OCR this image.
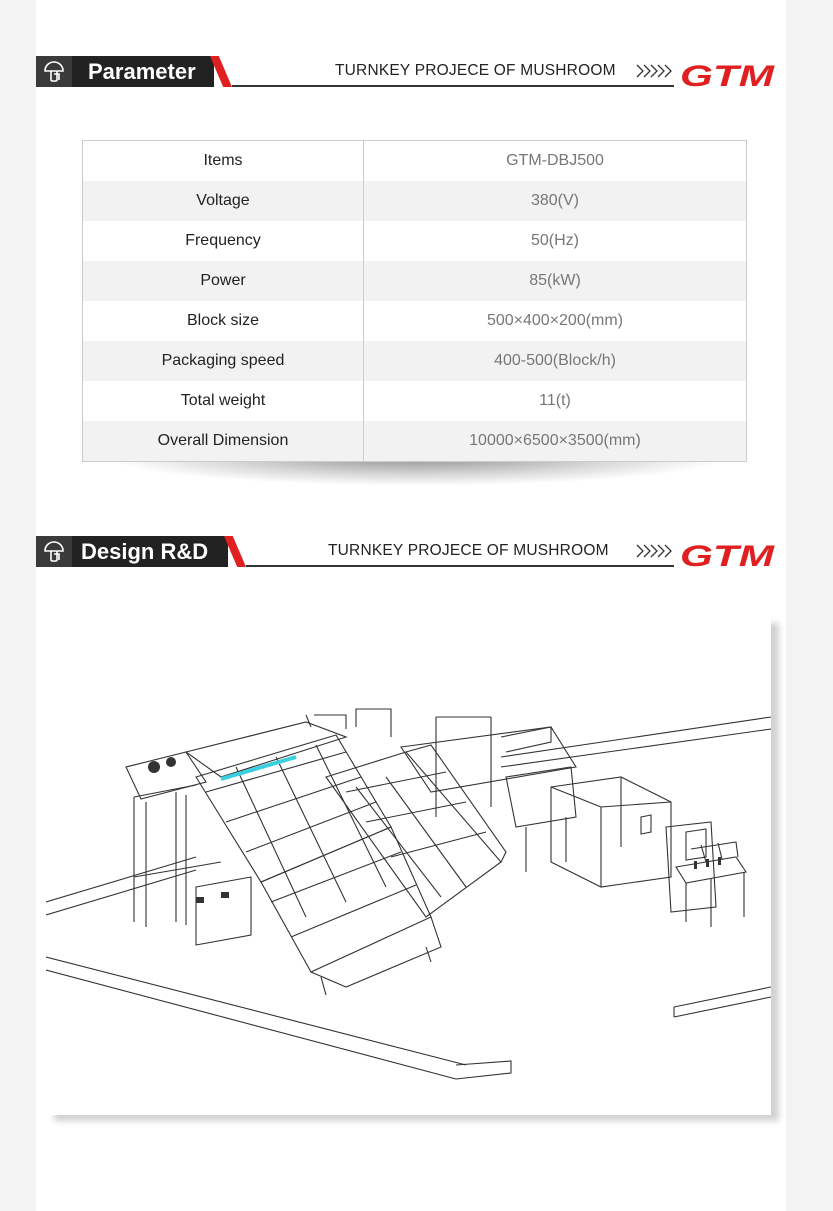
Parameter	TURNKEY PROJECE OF MUSHROOM GTM
Items	GTM-DBJ500
Voltage	380(V)
Frequency	50(Hz)
Power	85(kW)
Block size	500×400×200(mm)
Packaging speed	400-500(Block/h)
Total weight	11(t)
Overall Dimension	10000×6500×3500(mm)
Design R&D	TURNKEY PROJECE OF MUSHROOM GTM
